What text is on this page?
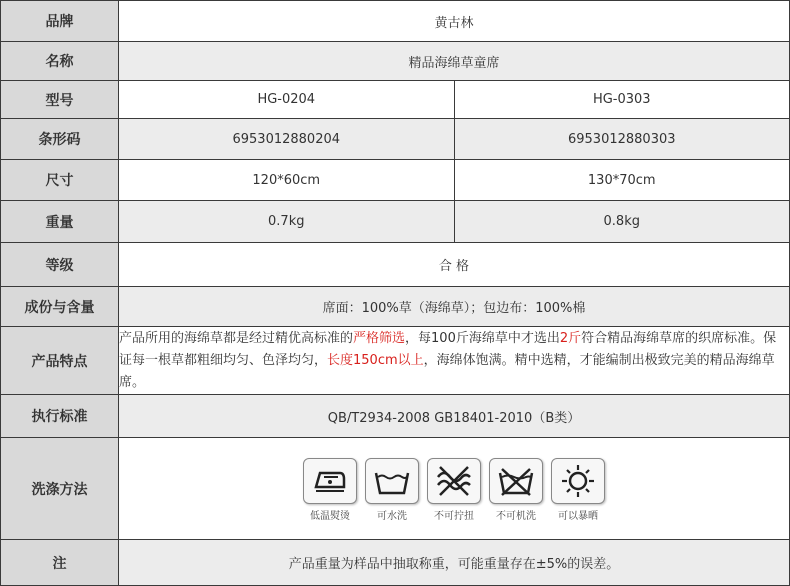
品牌	黄古林	
名称	精品海绵草童席	
型号	HG-0204	HG-0303
条形码	6953012880204	6953012880303
尺寸	120*60cm	130*70cm
重量	0.7kg	0.8kg
等级	合 格	
成份与含量	席面：100%草（海绵草）；包边布：100%棉	
产品特点	产品所用的海绵草都是经过精优高标准的严格筛选，每100斤海绵草中才选出2斤符合精品海绵草席的织席标准。保证每一根草都粗细均匀、色泽均匀，长度150cm以上，海绵体饱满。精中选精，才能编制出极致完美的精品海绵草席。	
执行标准	QB/T2934-2008 GB18401-2010（B类）	
洗涤方法	低温熨烫 可水洗 不可拧扭 不可机洗 可以暴晒	

注	产品重量为样品中抽取称重，可能重量存在±5%的误差。	
